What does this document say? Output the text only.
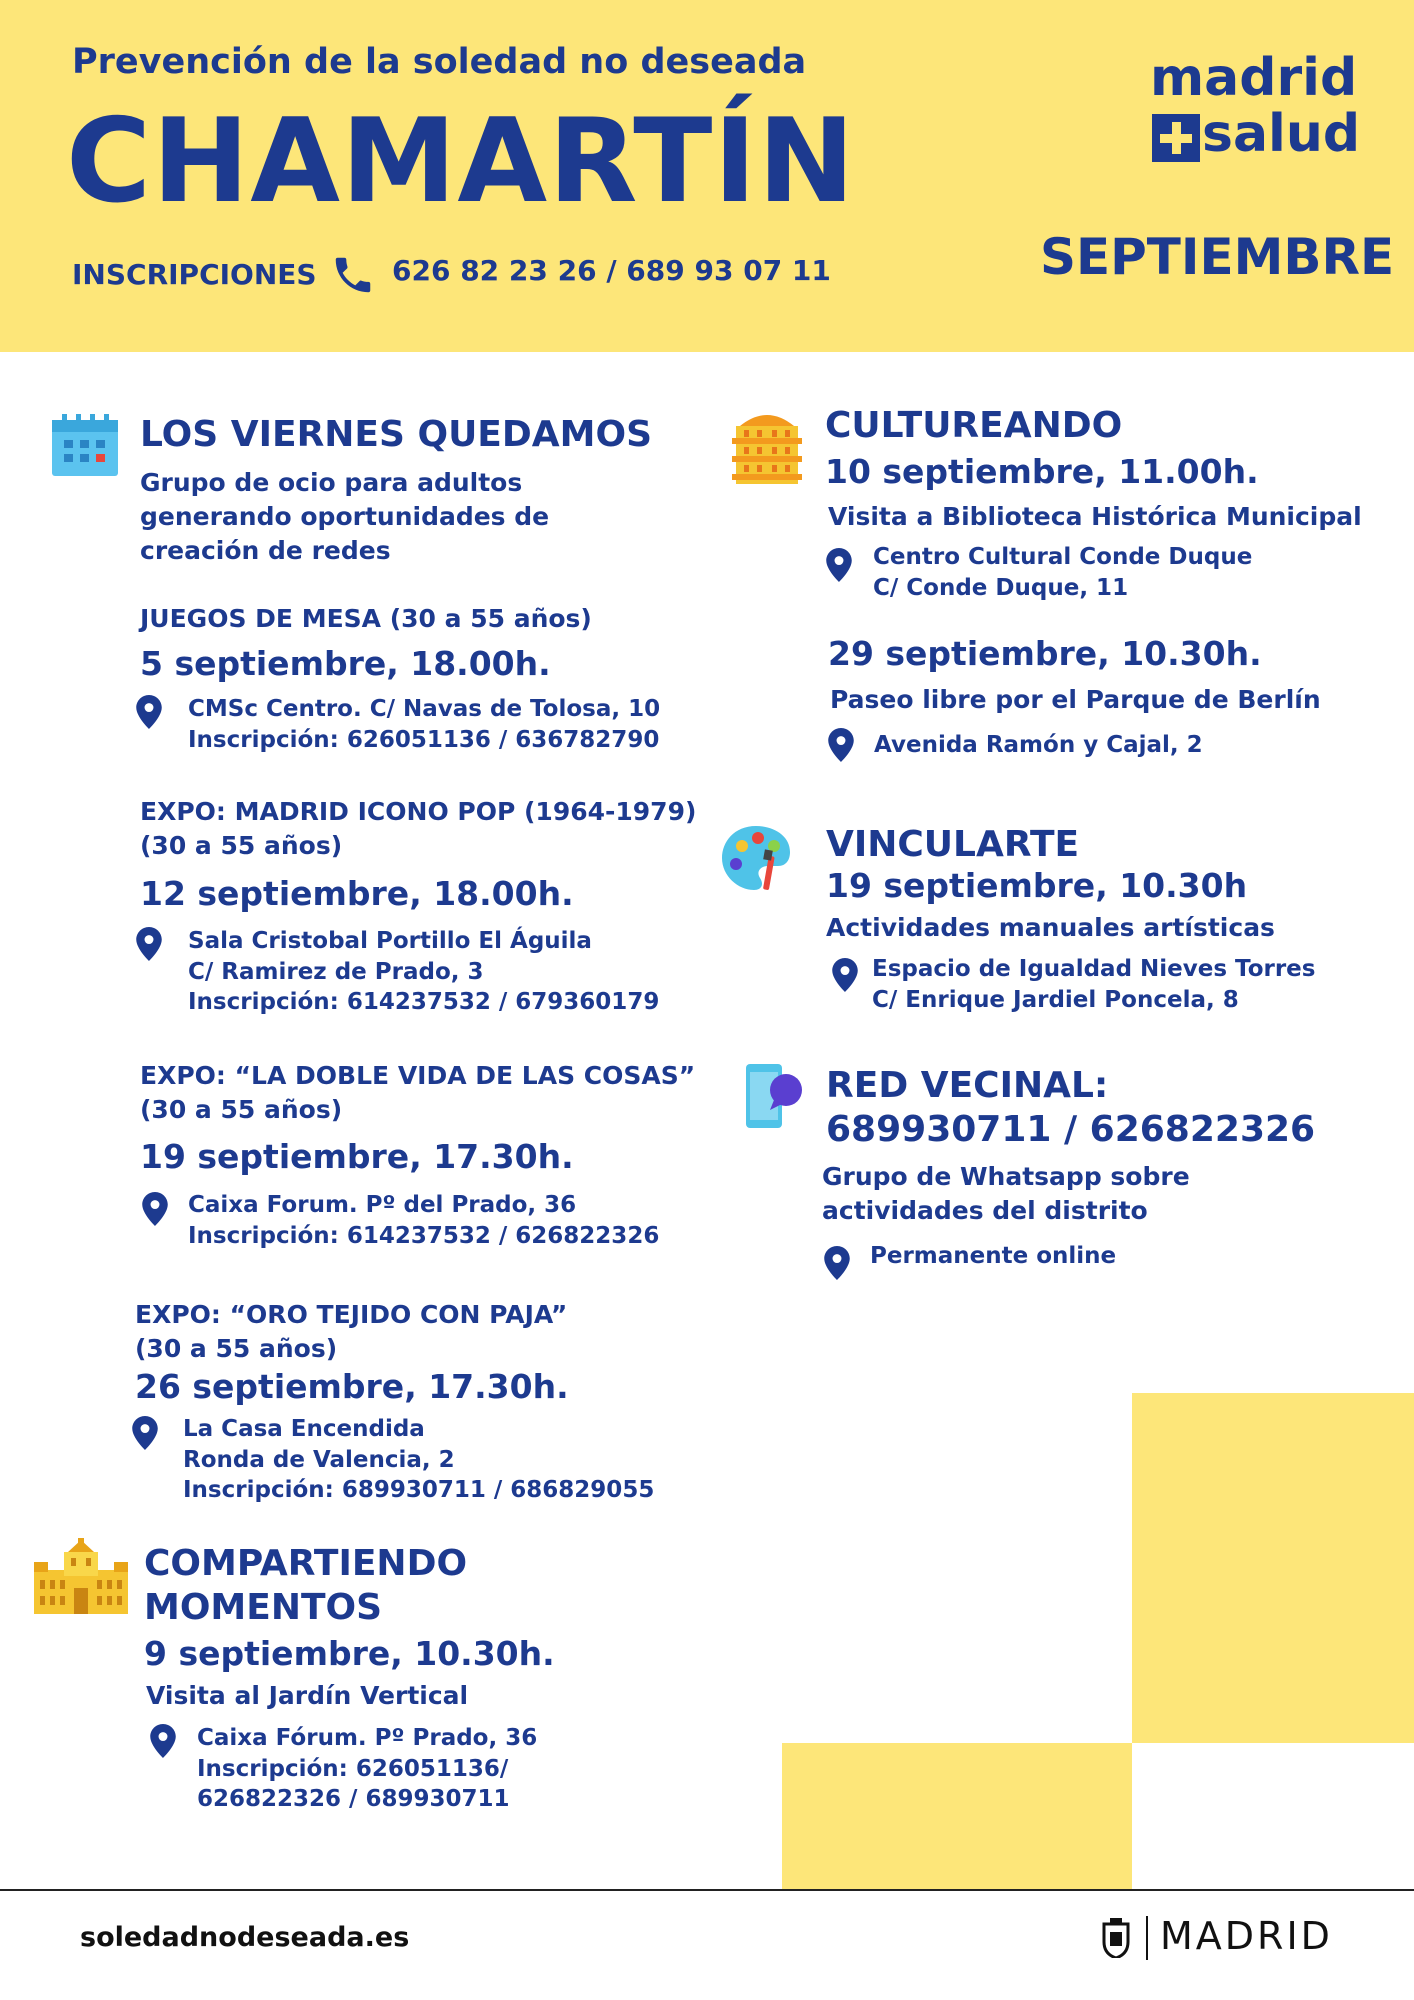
Prevención de la soledad no deseada
CHAMARTÍN
INSCRIPCIONES	626 82 23 26 / 689 93 07 11
madrid
salud
SEPTIEMBRE
LOS VIERNES QUEDAMOS
Grupo de ocio para adultos
generando oportunidades de
creación de redes
JUEGOS DE MESA (30 a 55 años)
5 septiembre, 18.00h.
CMSc Centro. C/ Navas de Tolosa, 10
Inscripción: 626051136 / 636782790
EXPO: MADRID ICONO POP (1964-1979)
(30 a 55 años)
12 septiembre, 18.00h.
Sala Cristobal Portillo El Águila
C/ Ramirez de Prado, 3
Inscripción: 614237532 / 679360179
EXPO: “LA DOBLE VIDA DE LAS COSAS”
(30 a 55 años)
19 septiembre, 17.30h.
Caixa Forum. Pº del Prado, 36
Inscripción: 614237532 / 626822326
EXPO: “ORO TEJIDO CON PAJA”
(30 a 55 años)
26 septiembre, 17.30h.
La Casa Encendida
Ronda de Valencia, 2
Inscripción: 689930711 / 686829055
COMPARTIENDO
MOMENTOS
9 septiembre, 10.30h.
Visita al Jardín Vertical
Caixa Fórum. Pº Prado, 36
Inscripción: 626051136/
626822326 / 689930711
CULTUREANDO
10 septiembre, 11.00h.
Visita a Biblioteca Histórica Municipal
Centro Cultural Conde Duque
C/ Conde Duque, 11
29 septiembre, 10.30h.
Paseo libre por el Parque de Berlín
Avenida Ramón y Cajal, 2
VINCULARTE
19 septiembre, 10.30h
Actividades manuales artísticas
Espacio de Igualdad Nieves Torres
C/ Enrique Jardiel Poncela, 8
RED VECINAL:
689930711 / 626822326
Grupo de Whatsapp sobre
actividades del distrito
Permanente online
soledadnodeseada.es	MADRID
